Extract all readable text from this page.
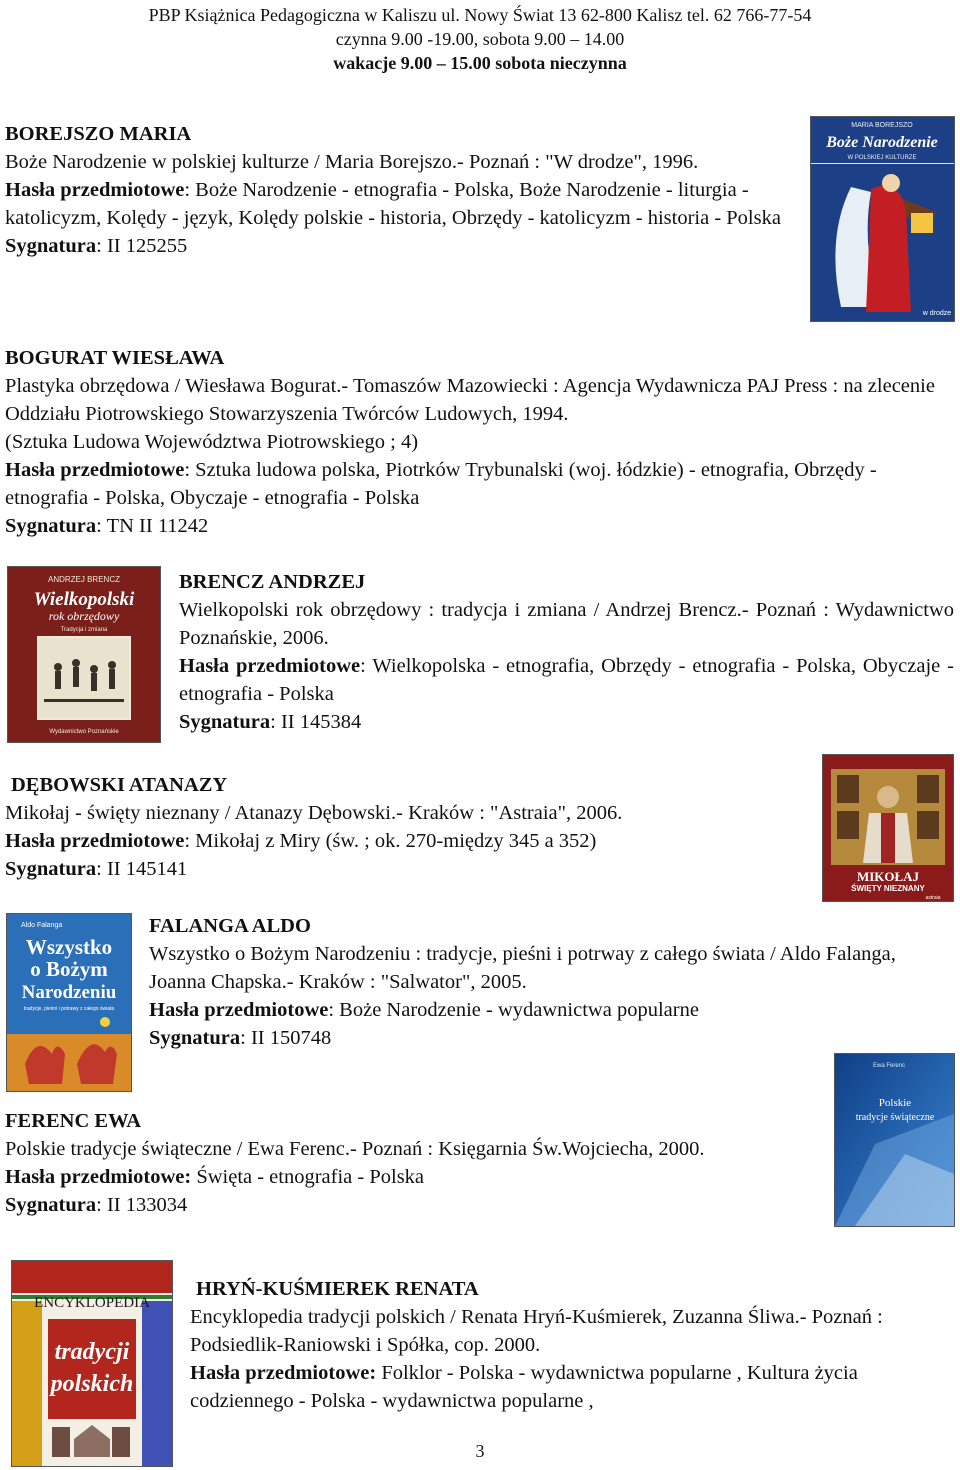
PBP Książnica Pedagogiczna w Kaliszu ul. Nowy Świat 13 62-800 Kalisz tel. 62 766-77-54
czynna 9.00 -19.00, sobota 9.00 – 14.00
wakacje 9.00 – 15.00 sobota nieczynna
BOREJSZO MARIA
Boże Narodzenie w polskiej kulturze / Maria Borejszo.- Poznań : "W drodze", 1996.
Hasła przedmiotowe: Boże Narodzenie - etnografia - Polska, Boże Narodzenie - liturgia - katolicyzm, Kolędy - język, Kolędy polskie - historia, Obrzędy - katolicyzm - historia - Polska
Sygnatura: II 125255
MARIA BOREJSZO
Boże Narodzenie
W POLSKIEJ KULTURZE
w drodze
BOGURAT WIESŁAWA
Plastyka obrzędowa / Wiesława Bogurat.- Tomaszów Mazowiecki : Agencja Wydawnicza PAJ Press : na zlecenie Oddziału Piotrowskiego Stowarzyszenia Twórców Ludowych, 1994.
(Sztuka Ludowa Województwa Piotrowskiego ; 4)
Hasła przedmiotowe: Sztuka ludowa polska, Piotrków Trybunalski (woj. łódzkie) - etnografia, Obrzędy - etnografia - Polska, Obyczaje - etnografia - Polska
Sygnatura: TN II 11242
ANDRZEJ BRENCZ
Wielkopolski
rok obrzędowy
Tradycja i zmiana
Wydawnictwo Poznańskie
BRENCZ ANDRZEJ
Wielkopolski rok obrzędowy : tradycja i zmiana / Andrzej Brencz.- Poznań : Wydawnictwo Poznańskie, 2006.
Hasła przedmiotowe: Wielkopolska - etnografia, Obrzędy - etnografia - Polska, Obyczaje - etnografia - Polska
Sygnatura: II 145384
DĘBOWSKI ATANAZY
Mikołaj - święty nieznany / Atanazy Dębowski.- Kraków : "Astraia", 2006.
Hasła przedmiotowe: Mikołaj z Miry (św. ; ok. 270-między 345 a 352)
Sygnatura: II 145141	MIKOŁAJ
ŚWIĘTY NIEZNANY
astraia
Aldo Falanga
Wszystko
o Bożym
Narodzeniu
tradycje, pieśni i potrawy z całego świata
FALANGA ALDO
Wszystko o Bożym Narodzeniu : tradycje, pieśni i potrway z całego świata / Aldo Falanga, Joanna Chapska.- Kraków : "Salwator", 2005.
Hasła przedmiotowe: Boże Narodzenie - wydawnictwa popularne
Sygnatura: II 150748
FERENC EWA
Polskie tradycje świąteczne / Ewa Ferenc.- Poznań : Księgarnia Św.Wojciecha, 2000.
Hasła przedmiotowe: Święta - etnografia - Polska
Sygnatura: II 133034
Ewa Ferenc
Polskie
tradycje świąteczne
ENCYKLOPEDIA
tradycji
polskich
HRYŃ-KUŚMIEREK RENATA
Encyklopedia tradycji polskich / Renata Hryń-Kuśmierek, Zuzanna Śliwa.- Poznań : Podsiedlik-Raniowski i Spółka, cop. 2000.
Hasła przedmiotowe: Folklor - Polska - wydawnictwa popularne , Kultura życia codziennego - Polska - wydawnictwa popularne ,
3
